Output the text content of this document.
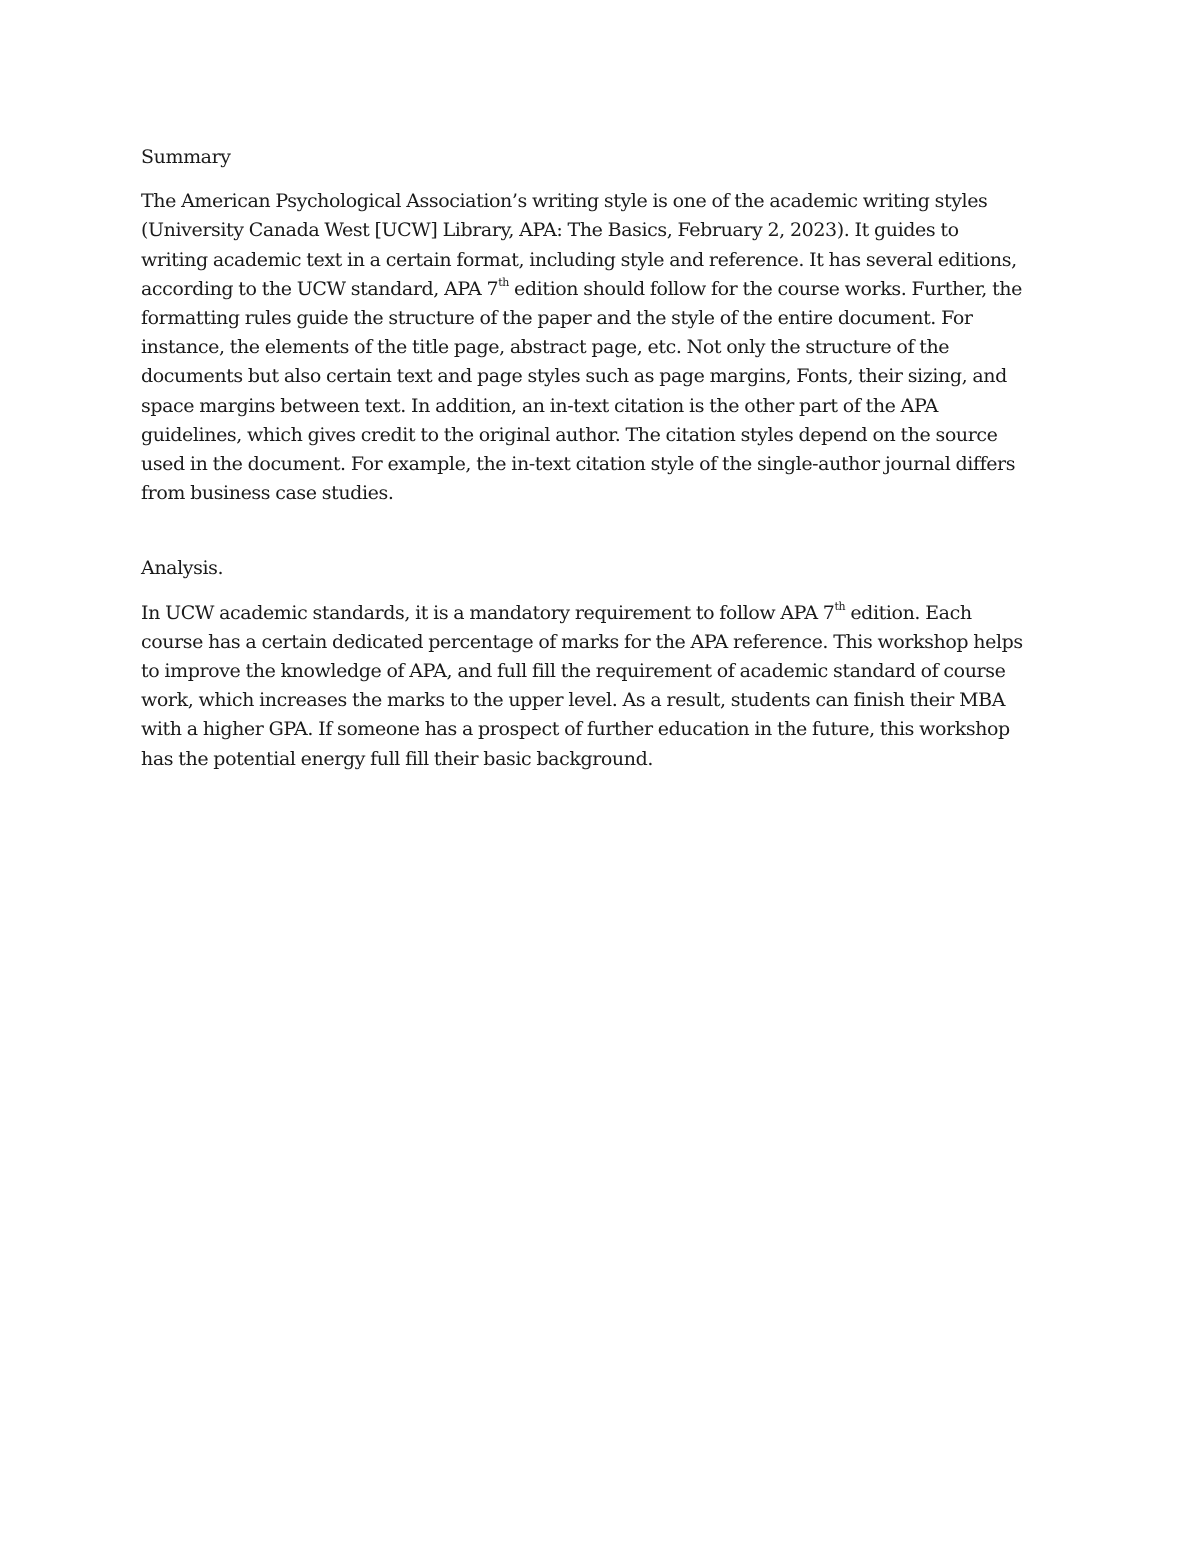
Summary
The American Psychological Association’s writing style is one of the academic writing styles
(University Canada West [UCW] Library, APA: The Basics, February 2, 2023). It guides to
writing academic text in a certain format, including style and reference. It has several editions,
according to the UCW standard, APA 7th edition should follow for the course works. Further, the
formatting rules guide the structure of the paper and the style of the entire document. For
instance, the elements of the title page, abstract page, etc. Not only the structure of the
documents but also certain text and page styles such as page margins, Fonts, their sizing, and
space margins between text. In addition, an in-text citation is the other part of the APA
guidelines, which gives credit to the original author. The citation styles depend on the source
used in the document. For example, the in-text citation style of the single-author journal differs
from business case studies.
Analysis.
In UCW academic standards, it is a mandatory requirement to follow APA 7th edition. Each
course has a certain dedicated percentage of marks for the APA reference. This workshop helps
to improve the knowledge of APA, and full fill the requirement of academic standard of course
work, which increases the marks to the upper level. As a result, students can finish their MBA
with a higher GPA. If someone has a prospect of further education in the future, this workshop
has the potential energy full fill their basic background.
